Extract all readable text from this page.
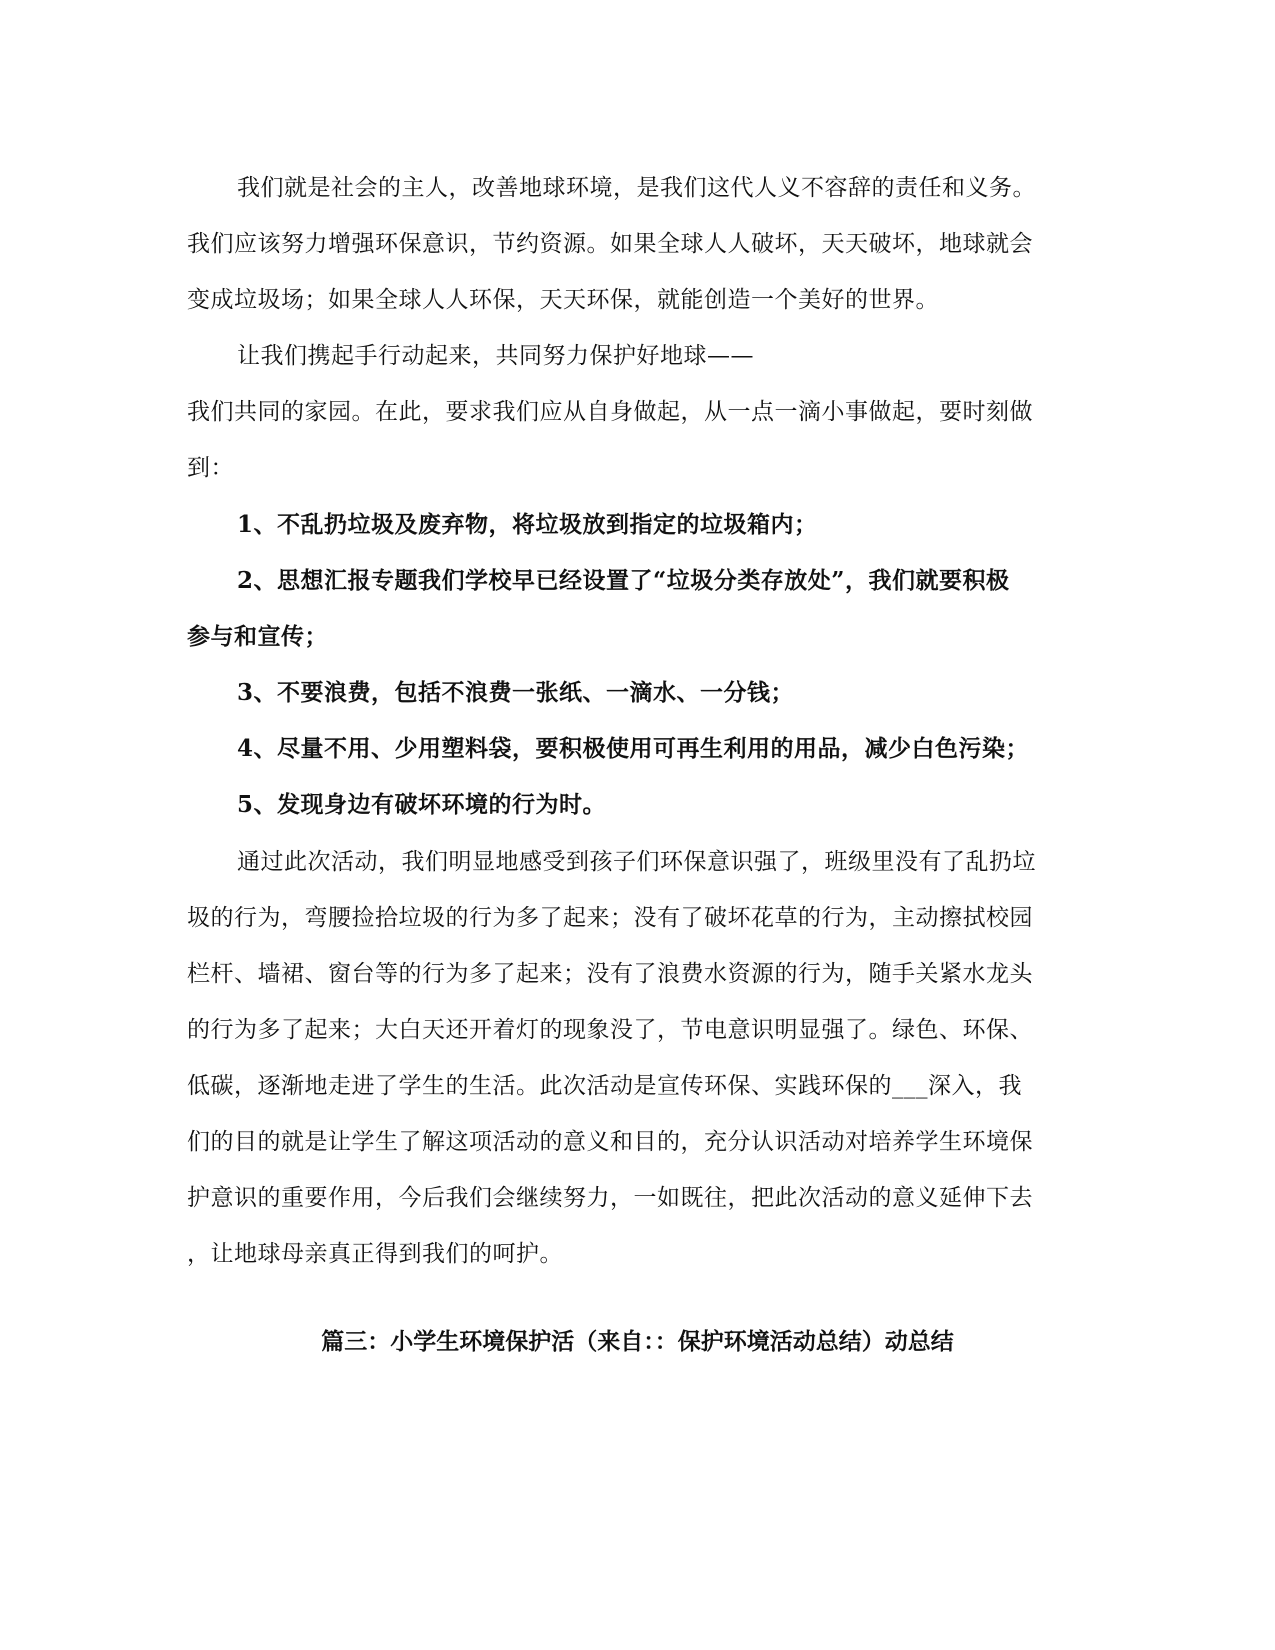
我们就是社会的主人，改善地球环境，是我们这代人义不容辞的责任和义务。
我们应该努力增强环保意识，节约资源。如果全球人人破坏，天天破坏，地球就会
变成垃圾场；如果全球人人环保，天天环保，就能创造一个美好的世界。
让我们携起手行动起来，共同努力保护好地球——
我们共同的家园。在此，要求我们应从自身做起，从一点一滴小事做起，要时刻做
到：
1、不乱扔垃圾及废弃物，将垃圾放到指定的垃圾箱内；
2、思想汇报专题我们学校早已经设置了“垃圾分类存放处”，我们就要积极
参与和宣传；
3、不要浪费，包括不浪费一张纸、一滴水、一分钱；
4、尽量不用、少用塑料袋，要积极使用可再生利用的用品，减少白色污染；
5、发现身边有破坏环境的行为时。
通过此次活动，我们明显地感受到孩子们环保意识强了，班级里没有了乱扔垃
圾的行为，弯腰捡拾垃圾的行为多了起来；没有了破坏花草的行为，主动擦拭校园
栏杆、墙裙、窗台等的行为多了起来；没有了浪费水资源的行为，随手关紧水龙头
的行为多了起来；大白天还开着灯的现象没了，节电意识明显强了。绿色、环保、
低碳，逐渐地走进了学生的生活。此次活动是宣传环保、实践环保的___深入，我
们的目的就是让学生了解这项活动的意义和目的，充分认识活动对培养学生环境保
护意识的重要作用，今后我们会继续努力，一如既往，把此次活动的意义延伸下去
，让地球母亲真正得到我们的呵护。
篇三：小学生环境保护活（来自：：保护环境活动总结）动总结
